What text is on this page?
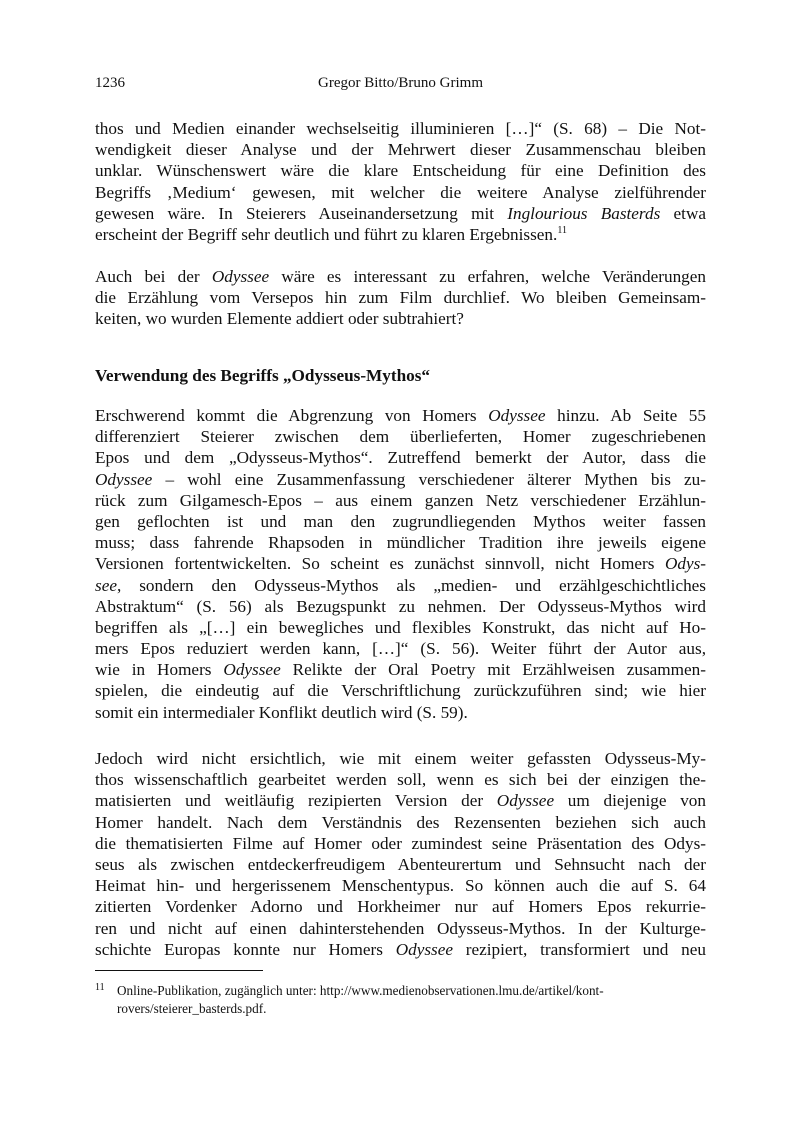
1236	Gregor Bitto/Bruno Grimm
thos und Medien einander wechselseitig illuminieren […]“ (S. 68) – Die Not-
wendigkeit dieser Analyse und der Mehrwert dieser Zusammenschau bleiben
unklar. Wünschenswert wäre die klare Entscheidung für eine Definition des
Begriffs ‚Medium‘ gewesen, mit welcher die weitere Analyse zielführender
gewesen wäre. In Steierers Auseinandersetzung mit Inglourious Basterds etwa
erscheint der Begriff sehr deutlich und führt zu klaren Ergebnissen.$^{11}$
Auch bei der Odyssee wäre es interessant zu erfahren, welche Veränderungen
die Erzählung vom Versepos hin zum Film durchlief. Wo bleiben Gemeinsam-
keiten, wo wurden Elemente addiert oder subtrahiert?
Verwendung des Begriffs „Odysseus-Mythos“
Erschwerend kommt die Abgrenzung von Homers Odyssee hinzu. Ab Seite 55
differenziert Steierer zwischen dem überlieferten, Homer zugeschriebenen
Epos und dem „Odysseus-Mythos“. Zutreffend bemerkt der Autor, dass die
Odyssee – wohl eine Zusammenfassung verschiedener älterer Mythen bis zu-
rück zum Gilgamesch-Epos – aus einem ganzen Netz verschiedener Erzählun-
gen geflochten ist und man den zugrundliegenden Mythos weiter fassen
muss; dass fahrende Rhapsoden in mündlicher Tradition ihre jeweils eigene
Versionen fortentwickelten. So scheint es zunächst sinnvoll, nicht Homers Odys-
see, sondern den Odysseus-Mythos als „medien- und erzählgeschichtliches
Abstraktum“ (S. 56) als Bezugspunkt zu nehmen. Der Odysseus-Mythos wird
begriffen als „[…] ein bewegliches und flexibles Konstrukt, das nicht auf Ho-
mers Epos reduziert werden kann, […]“ (S. 56). Weiter führt der Autor aus,
wie in Homers Odyssee Relikte der Oral Poetry mit Erzählweisen zusammen-
spielen, die eindeutig auf die Verschriftlichung zurückzuführen sind; wie hier
somit ein intermedialer Konflikt deutlich wird (S. 59).
Jedoch wird nicht ersichtlich, wie mit einem weiter gefassten Odysseus-My-
thos wissenschaftlich gearbeitet werden soll, wenn es sich bei der einzigen the-
matisierten und weitläufig rezipierten Version der Odyssee um diejenige von
Homer handelt. Nach dem Verständnis des Rezensenten beziehen sich auch
die thematisierten Filme auf Homer oder zumindest seine Präsentation des Odys-
seus als zwischen entdeckerfreudigem Abenteurertum und Sehnsucht nach der
Heimat hin- und hergerissenem Menschentypus. So können auch die auf S. 64
zitierten Vordenker Adorno und Horkheimer nur auf Homers Epos rekurrie-
ren und nicht auf einen dahinterstehenden Odysseus-Mythos. In der Kulturge-
schichte Europas konnte nur Homers Odyssee rezipiert, transformiert und neu
11 Online-Publikation, zugänglich unter: http://www.medienobservationen.lmu.de/artikel/kont-
rovers/steierer_basterds.pdf.
